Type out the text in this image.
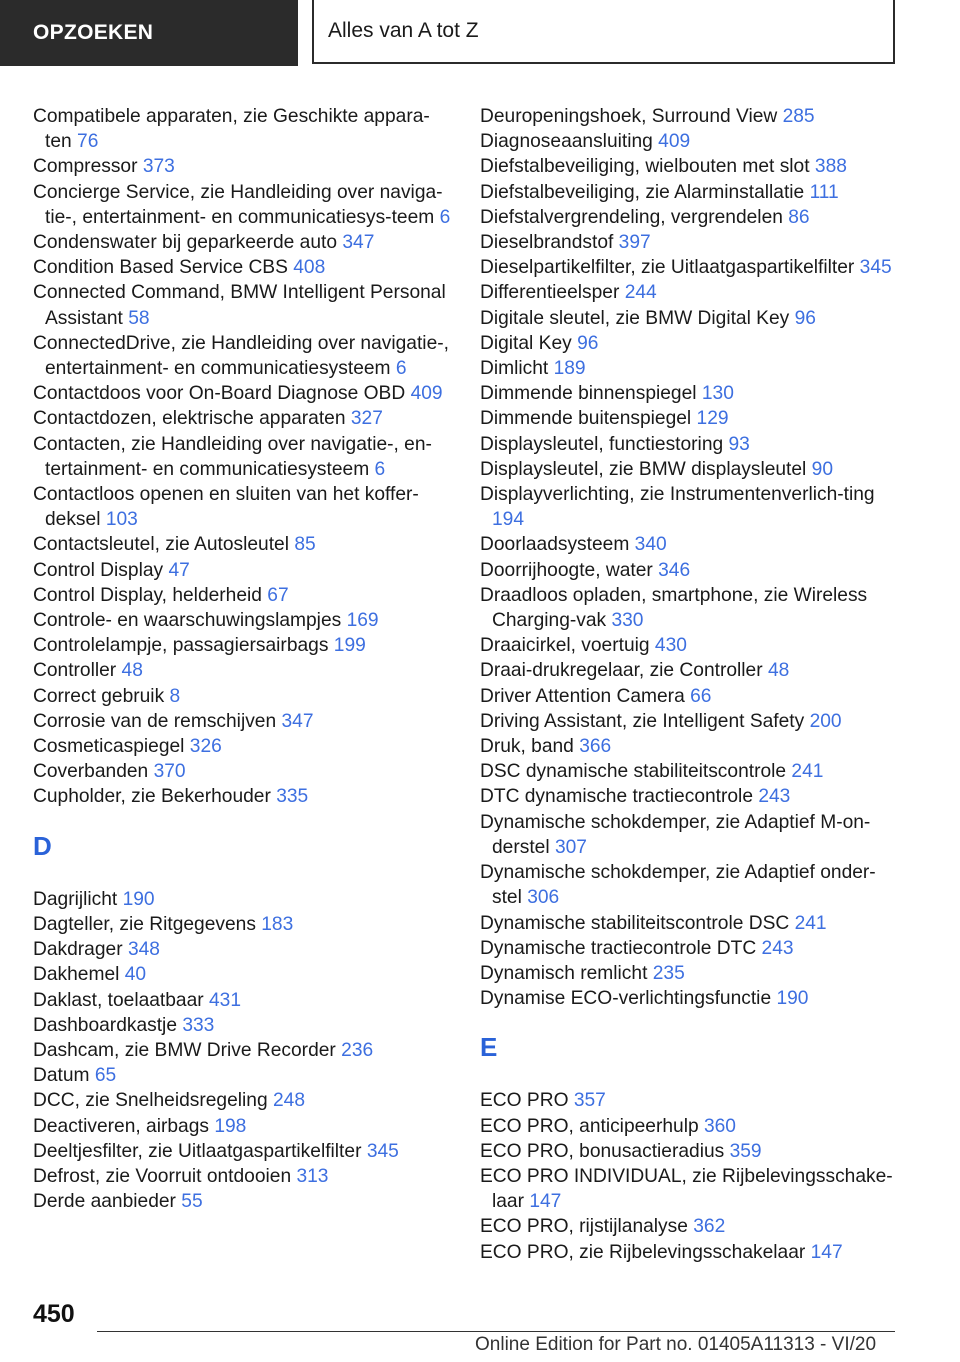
OPZOEKEN	Alles van A tot Z
Compatibele apparaten, zie Geschikte appara-ten 76
Compressor 373
Concierge Service, zie Handleiding over naviga-tie-, entertainment- en communicatiesys-teem 6
Condenswater bij geparkeerde auto 347
Condition Based Service CBS 408
Connected Command, BMW Intelligent Personal Assistant 58
ConnectedDrive, zie Handleiding over navigatie-, entertainment- en communicatiesysteem 6
Contactdoos voor On-Board Diagnose OBD 409
Contactdozen, elektrische apparaten 327
Contacten, zie Handleiding over navigatie-, en-tertainment- en communicatiesysteem 6
Contactloos openen en sluiten van het koffer-deksel 103
Contactsleutel, zie Autosleutel 85
Control Display 47
Control Display, helderheid 67
Controle- en waarschuwingslampjes 169
Controlelampje, passagiersairbags 199
Controller 48
Correct gebruik 8
Corrosie van de remschijven 347
Cosmeticaspiegel 326
Coverbanden 370
Cupholder, zie Bekerhouder 335
D
Dagrijlicht 190
Dagteller, zie Ritgegevens 183
Dakdrager 348
Dakhemel 40
Daklast, toelaatbaar 431
Dashboardkastje 333
Dashcam, zie BMW Drive Recorder 236
Datum 65
DCC, zie Snelheidsregeling 248
Deactiveren, airbags 198
Deeltjesfilter, zie Uitlaatgaspartikelfilter 345
Defrost, zie Voorruit ontdooien 313
Derde aanbieder 55
Deuropeningshoek, Surround View 285
Diagnoseaansluiting 409
Diefstalbeveiliging, wielbouten met slot 388
Diefstalbeveiliging, zie Alarminstallatie 111
Diefstalvergrendeling, vergrendelen 86
Dieselbrandstof 397
Dieselpartikelfilter, zie Uitlaatgaspartikelfilter 345
Differentieelsper 244
Digitale sleutel, zie BMW Digital Key 96
Digital Key 96
Dimlicht 189
Dimmende binnenspiegel 130
Dimmende buitenspiegel 129
Displaysleutel, functiestoring 93
Displaysleutel, zie BMW displaysleutel 90
Displayverlichting, zie Instrumentenverlich-ting 194
Doorlaadsysteem 340
Doorrijhoogte, water 346
Draadloos opladen, smartphone, zie Wireless Charging-vak 330
Draaicirkel, voertuig 430
Draai-drukregelaar, zie Controller 48
Driver Attention Camera 66
Driving Assistant, zie Intelligent Safety 200
Druk, band 366
DSC dynamische stabiliteitscontrole 241
DTC dynamische tractiecontrole 243
Dynamische schokdemper, zie Adaptief M-on-derstel 307
Dynamische schokdemper, zie Adaptief onder-stel 306
Dynamische stabiliteitscontrole DSC 241
Dynamische tractiecontrole DTC 243
Dynamisch remlicht 235
Dynamise ECO-verlichtingsfunctie 190
E
ECO PRO 357
ECO PRO, anticipeerhulp 360
ECO PRO, bonusactieradius 359
ECO PRO INDIVIDUAL, zie Rijbelevingsschake-laar 147
ECO PRO, rijstijlanalyse 362
ECO PRO, zie Rijbelevingsschakelaar 147
450
Online Edition for Part no. 01405A11313 - VI/20
